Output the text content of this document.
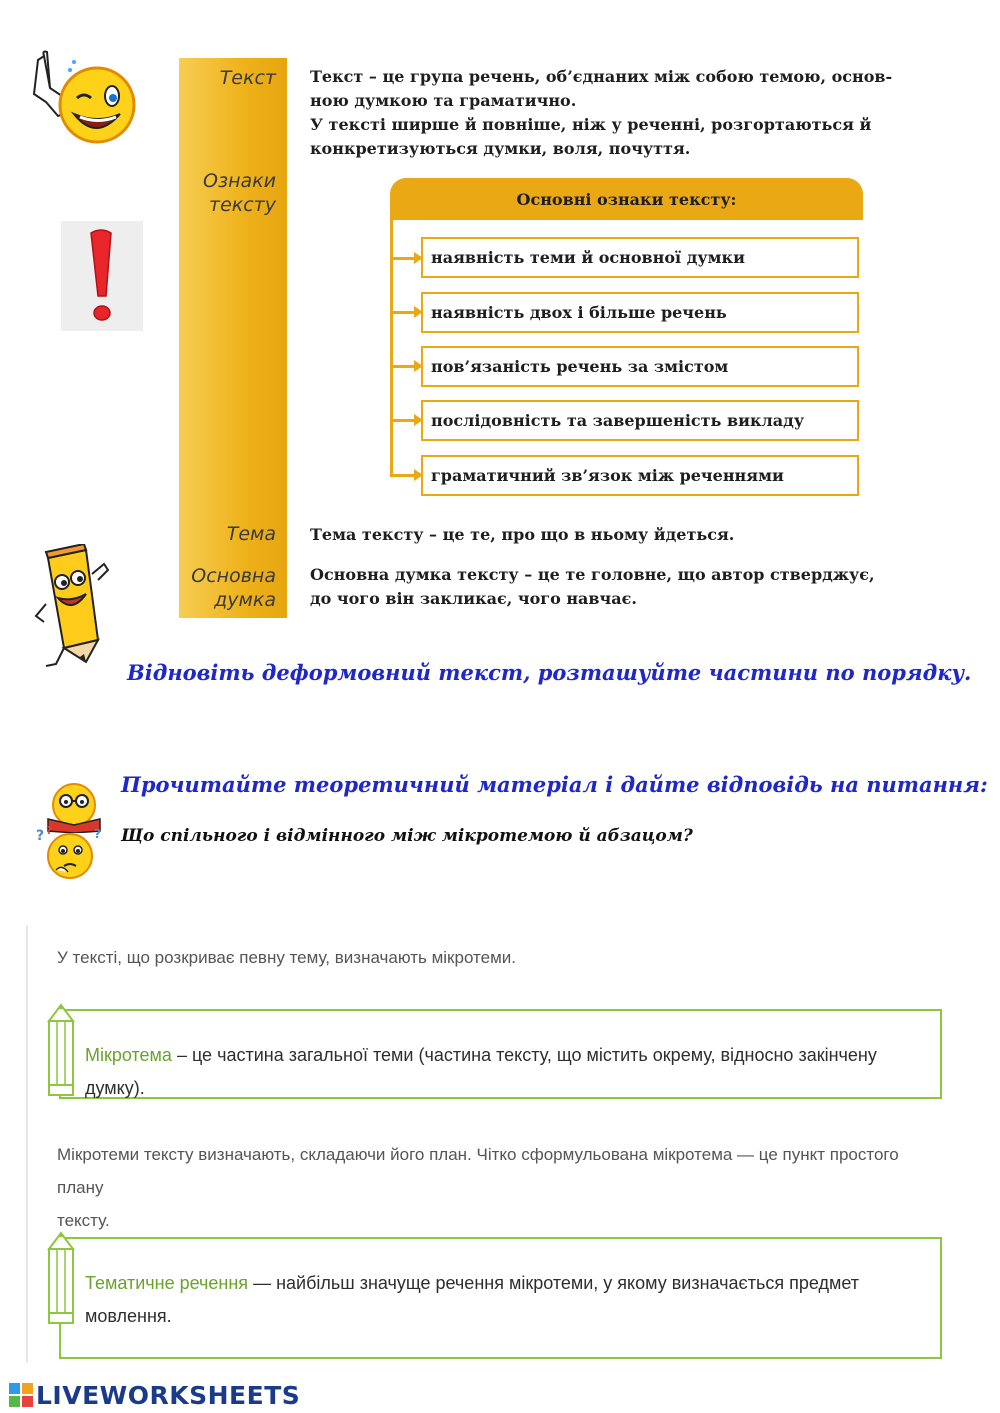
? ?	?
Текст
Ознаки
тексту
Тема
Основна
думка
Текст – це група речень, об’єднаних між собою темою, основ-
ною думкою та граматично.
У тексті ширше й повніше, ніж у реченні, розгортаються й
конкретизуються думки, воля, почуття.
Основні ознаки тексту:
наявність теми й основної думки
наявність двох і більше речень
пов’язаність речень за змістом
послідовність та завершеність викладу
граматичний зв’язок між реченнями
Тема тексту – це те, про що в ньому йдеться.
Основна думка тексту – це те головне, що автор стверджує,
до чого він закликає, чого навчає.
Відновіть деформовний текст, розташуйте частини по порядку.
Прочитайте теоретичний матеріал і дайте відповідь на питання:
Що спільного і відмінного між мікротемою й абзацом?
У тексті, що розкриває певну тему, визначають мікротеми.
Мікротема – це частина загальної теми (частина тексту, що містить окрему, відносно закінчену думку).
Мікротеми тексту визначають, складаючи його план. Чітко сформульована мікротема — це пункт простого плану
тексту.
Тематичне речення — найбільш значуще речення мікротеми, у якому визначається предмет
мовлення.
LIVEWORKSHEETS
